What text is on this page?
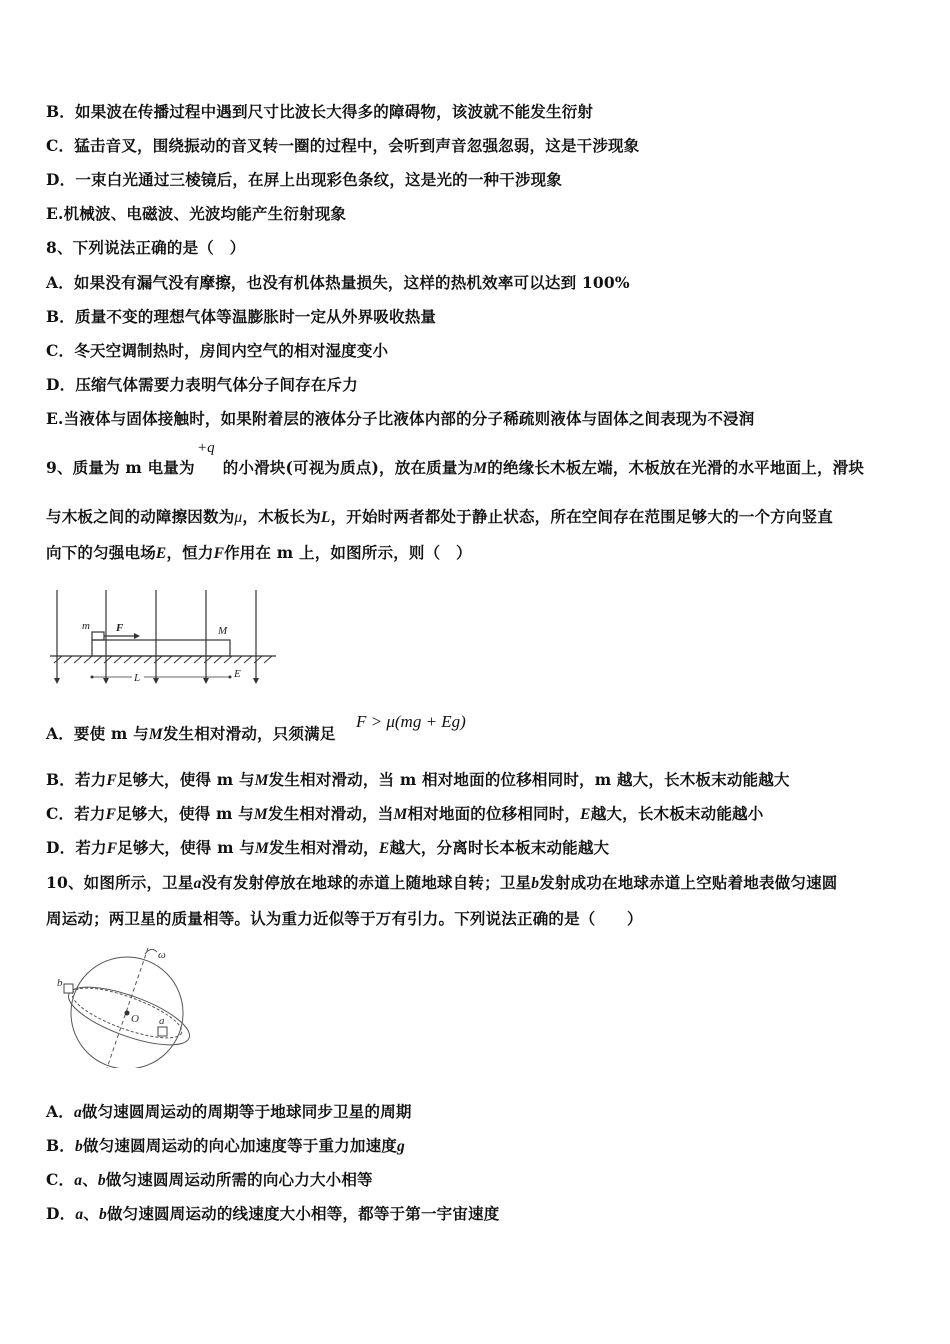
B．如果波在传播过程中遇到尺寸比波长大得多的障碍物，该波就不能发生衍射
C．猛击音叉，围绕振动的音叉转一圈的过程中，会听到声音忽强忽弱，这是干涉现象
D．一束白光通过三棱镜后，在屏上出现彩色条纹，这是光的一种干涉现象
E.机械波、电磁波、光波均能产生衍射现象
8、下列说法正确的是（　）
A．如果没有漏气没有摩擦，也没有机体热量损失，这样的热机效率可以达到 100%
B．质量不变的理想气体等温膨胀时一定从外界吸收热量
C．冬天空调制热时，房间内空气的相对湿度变小
D．压缩气体需要力表明气体分子间存在斥力
E.当液体与固体接触时，如果附着层的液体分子比液体内部的分子稀疏则液体与固体之间表现为不浸润
+q
9、质量为 m 电量为 的小滑块(可视为质点)，放在质量为M的绝缘长木板左端，木板放在光滑的水平地面上，滑块
与木板之间的动障擦因数为μ，木板长为L，开始时两者都处于静止状态，所在空间存在范围足够大的一个方向竖直
向下的匀强电场E，恒力F作用在 m 上，如图所示，则（　）
m F	M
L	E
A．要使 m 与M发生相对滑动，只须满足
F > μ(mg + Eg)
B．若力F足够大，使得 m 与M发生相对滑动，当 m 相对地面的位移相同时，m 越大，长木板末动能越大
C．若力F足够大，使得 m 与M发生相对滑动，当M相对地面的位移相同时，E越大，长木板末动能越小
D．若力F足够大，使得 m 与M发生相对滑动，E越大，分离时长本板末动能越大
10、如图所示，卫星a没有发射停放在地球的赤道上随地球自转；卫星b发射成功在地球赤道上空贴着地表做匀速圆
周运动；两卫星的质量相等。认为重力近似等于万有引力。下列说法正确的是（　　）
b
ω
O a
A．a做匀速圆周运动的周期等于地球同步卫星的周期
B．b做匀速圆周运动的向心加速度等于重力加速度g
C．a、b做匀速圆周运动所需的向心力大小相等
D．a、b做匀速圆周运动的线速度大小相等，都等于第一宇宙速度
